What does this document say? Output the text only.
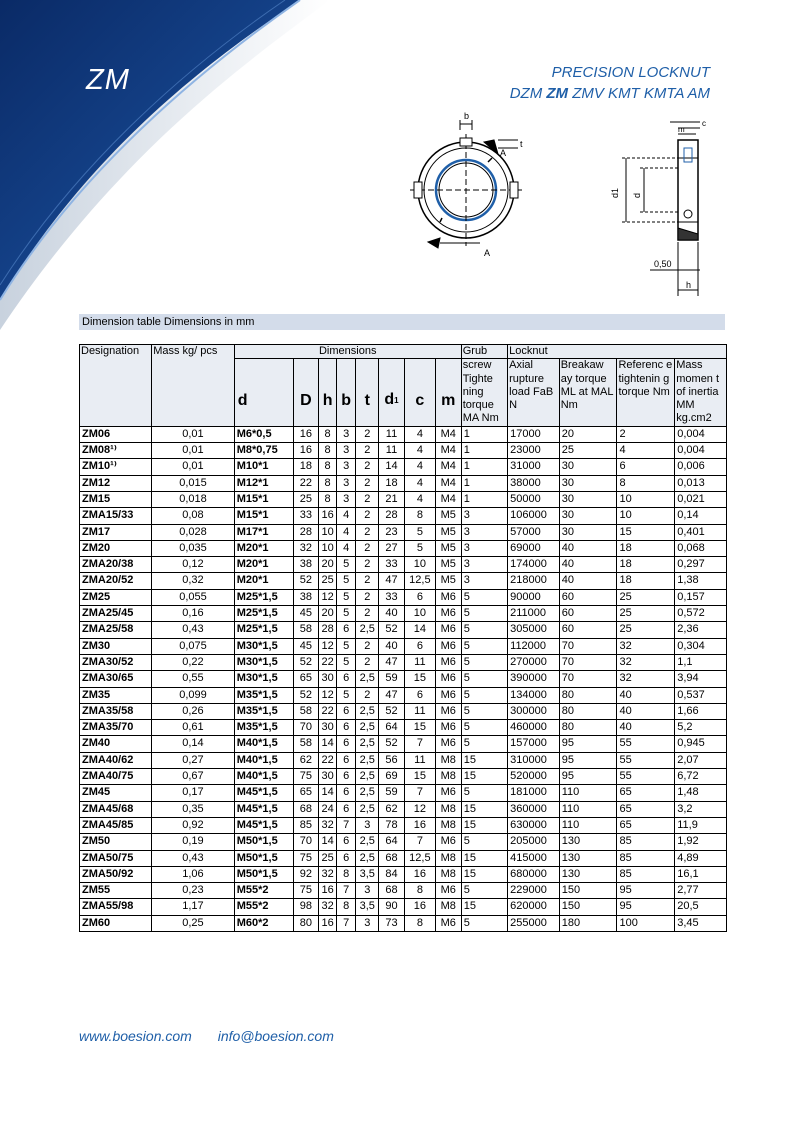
ZM	PRECISION LOCKNUT
DZM ZM ZMV KMT KMTA AM
b
t
A
A
m
c
d1 d
0,50
h
Dimension table Dimensions in mm
Designation	Mass kg/ pcs	Dimensions								Grub	Locknut			
		d	D	h	b	t	d1	c	m	screw Tighte ning torque MA Nm	Axial rupture load FaB N	Breakaw ay torque ML at MAL Nm	Referenc e tightenin g torque Nm	Mass momen t of inertia MM kg.cm2
ZM06	0,01	M6*0,5	16	8	3	2	11	4	M4	1	17000	20	2	0,004
ZM08¹⁾	0,01	M8*0,75	16	8	3	2	11	4	M4	1	23000	25	4	0,004
ZM10¹⁾	0,01	M10*1	18	8	3	2	14	4	M4	1	31000	30	6	0,006
ZM12	0,015	M12*1	22	8	3	2	18	4	M4	1	38000	30	8	0,013
ZM15	0,018	M15*1	25	8	3	2	21	4	M4	1	50000	30	10	0,021
ZMA15/33	0,08	M15*1	33	16	4	2	28	8	M5	3	106000	30	10	0,14
ZM17	0,028	M17*1	28	10	4	2	23	5	M5	3	57000	30	15	0,401
ZM20	0,035	M20*1	32	10	4	2	27	5	M5	3	69000	40	18	0,068
ZMA20/38	0,12	M20*1	38	20	5	2	33	10	M5	3	174000	40	18	0,297
ZMA20/52	0,32	M20*1	52	25	5	2	47	12,5	M5	3	218000	40	18	1,38
ZM25	0,055	M25*1,5	38	12	5	2	33	6	M6	5	90000	60	25	0,157
ZMA25/45	0,16	M25*1,5	45	20	5	2	40	10	M6	5	211000	60	25	0,572
ZMA25/58	0,43	M25*1,5	58	28	6	2,5	52	14	M6	5	305000	60	25	2,36
ZM30	0,075	M30*1,5	45	12	5	2	40	6	M6	5	112000	70	32	0,304
ZMA30/52	0,22	M30*1,5	52	22	5	2	47	11	M6	5	270000	70	32	1,1
ZMA30/65	0,55	M30*1,5	65	30	6	2,5	59	15	M6	5	390000	70	32	3,94
ZM35	0,099	M35*1,5	52	12	5	2	47	6	M6	5	134000	80	40	0,537
ZMA35/58	0,26	M35*1,5	58	22	6	2,5	52	11	M6	5	300000	80	40	1,66
ZMA35/70	0,61	M35*1,5	70	30	6	2,5	64	15	M6	5	460000	80	40	5,2
ZM40	0,14	M40*1,5	58	14	6	2,5	52	7	M6	5	157000	95	55	0,945
ZMA40/62	0,27	M40*1,5	62	22	6	2,5	56	11	M8	15	310000	95	55	2,07
ZMA40/75	0,67	M40*1,5	75	30	6	2,5	69	15	M8	15	520000	95	55	6,72
ZM45	0,17	M45*1,5	65	14	6	2,5	59	7	M6	5	181000	110	65	1,48
ZMA45/68	0,35	M45*1,5	68	24	6	2,5	62	12	M8	15	360000	110	65	3,2
ZMA45/85	0,92	M45*1,5	85	32	7	3	78	16	M8	15	630000	110	65	11,9
ZM50	0,19	M50*1,5	70	14	6	2,5	64	7	M6	5	205000	130	85	1,92
ZMA50/75	0,43	M50*1,5	75	25	6	2,5	68	12,5	M8	15	415000	130	85	4,89
ZMA50/92	1,06	M50*1,5	92	32	8	3,5	84	16	M8	15	680000	130	85	16,1
ZM55	0,23	M55*2	75	16	7	3	68	8	M6	5	229000	150	95	2,77
ZMA55/98	1,17	M55*2	98	32	8	3,5	90	16	M8	15	620000	150	95	20,5
ZM60	0,25	M60*2	80	16	7	3	73	8	M6	5	255000	180	100	3,45
www.boesion.com info@boesion.com
